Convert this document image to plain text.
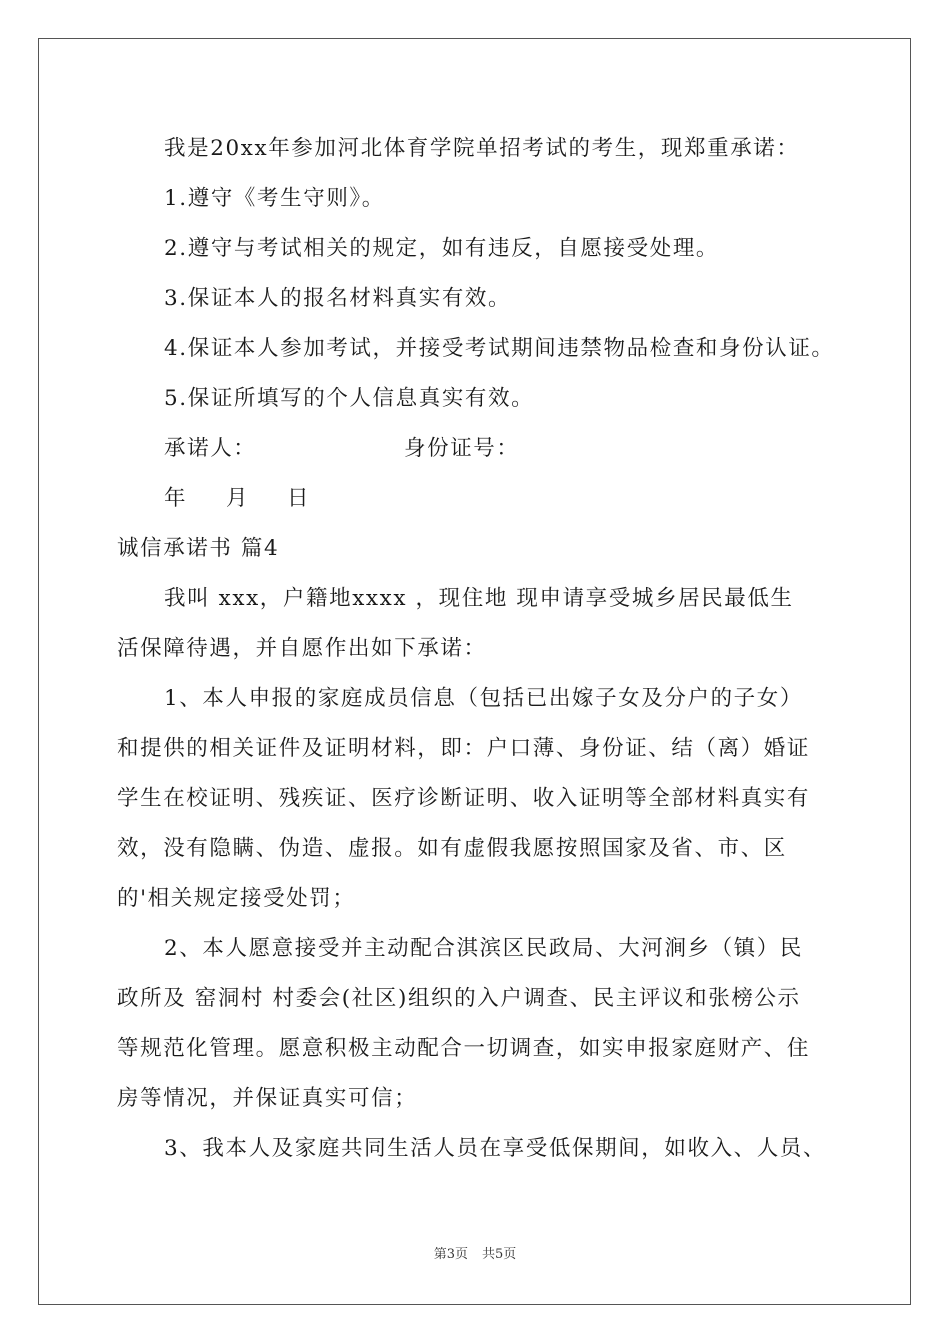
我是20xx年参加河北体育学院单招考试的考生，现郑重承诺：
1.遵守《考生守则》。
2.遵守与考试相关的规定，如有违反，自愿接受处理。
3.保证本人的报名材料真实有效。
4.保证本人参加考试，并接受考试期间违禁物品检查和身份认证。
5.保证所填写的个人信息真实有效。
承诺人：	身份证号：
年 月 日
诚信承诺书 篇4
我叫 xxx，户籍地xxxx ，现住地 现申请享受城乡居民最低生
活保障待遇，并自愿作出如下承诺：
1、本人申报的家庭成员信息（包括已出嫁子女及分户的子女）
和提供的相关证件及证明材料，即：户口薄、身份证、结（离）婚证
学生在校证明、残疾证、医疗诊断证明、收入证明等全部材料真实有
效，没有隐瞒、伪造、虚报。如有虚假我愿按照国家及省、市、区
的'相关规定接受处罚；
2、本人愿意接受并主动配合淇滨区民政局、大河涧乡（镇）民
政所及 窑洞村 村委会(社区)组织的入户调查、民主评议和张榜公示
等规范化管理。愿意积极主动配合一切调查，如实申报家庭财产、住
房等情况，并保证真实可信；
3、我本人及家庭共同生活人员在享受低保期间，如收入、人员、
第3页 共5页
